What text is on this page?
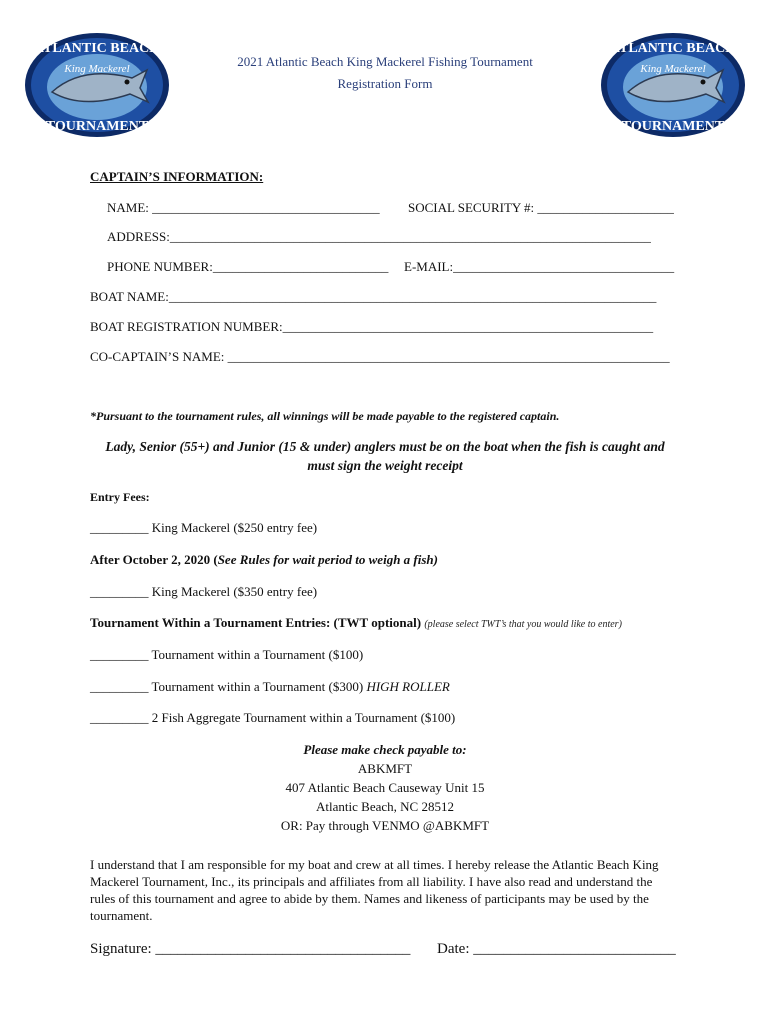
ATLANTIC BEACH
King Mackerel
TOURNAMENT
ATLANTIC BEACH
King Mackerel
TOURNAMENT
2021 Atlantic Beach King Mackerel Fishing Tournament
Registration Form
CAPTAIN’S INFORMATION:
NAME: ___________________________________ SOCIAL SECURITY #: _____________________
ADDRESS:__________________________________________________________________________
PHONE NUMBER:___________________________ E-MAIL:__________________________________
BOAT NAME:___________________________________________________________________________
BOAT REGISTRATION NUMBER:_________________________________________________________
CO-CAPTAIN’S NAME: ____________________________________________________________________
*Pursuant to the tournament rules, all winnings will be made payable to the registered captain.
Lady, Senior (55+) and Junior (15 & under) anglers must be on the boat when the fish is caught and
must sign the weight receipt
Entry Fees:
_________ King Mackerel ($250 entry fee)
After October 2, 2020 (See Rules for wait period to weigh a fish)
_________ King Mackerel ($350 entry fee)
Tournament Within a Tournament Entries: (TWT optional) (please select TWT’s that you would like to enter)
_________ Tournament within a Tournament ($100)
_________ Tournament within a Tournament ($300) HIGH ROLLER
_________ 2 Fish Aggregate Tournament within a Tournament ($100)
Please make check payable to:
ABKMFT
407 Atlantic Beach Causeway Unit 15
Atlantic Beach, NC 28512
OR: Pay through VENMO @ABKMFT
I understand that I am responsible for my boat and crew at all times. I hereby release the Atlantic Beach King Mackerel Tournament, Inc., its principals and affiliates from all liability. I have also read and understand the rules of this tournament and agree to abide by them. Names and likeness of participants may be used by the tournament.
Signature: __________________________________ Date: ___________________________
